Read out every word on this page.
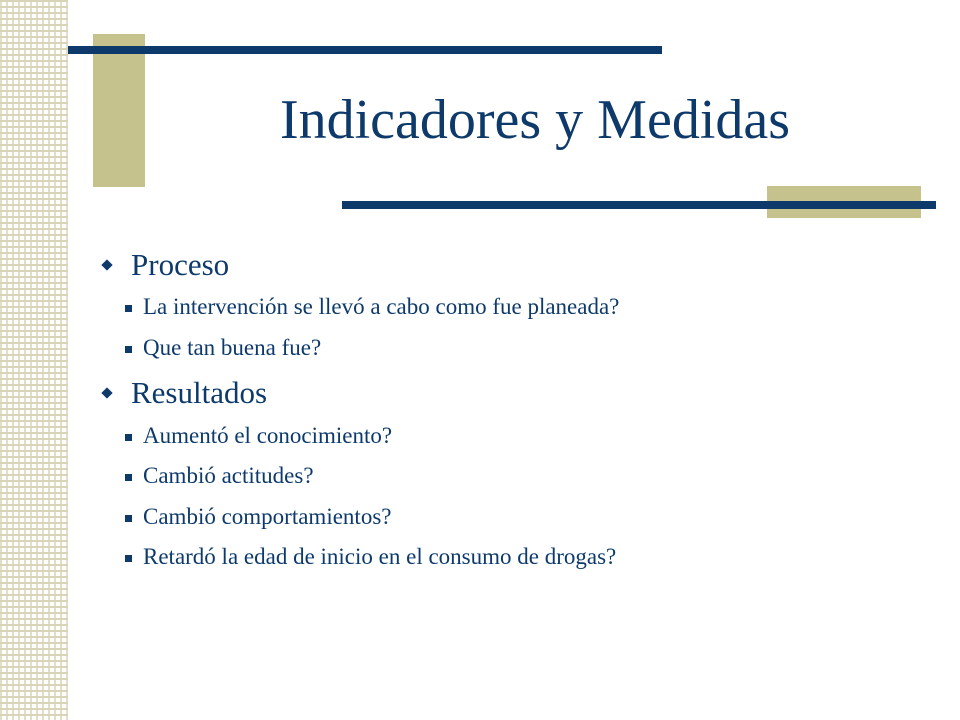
Indicadores y Medidas
Proceso
La intervención se llevó a cabo como fue planeada?
Que tan buena fue?
Resultados
Aumentó el conocimiento?
Cambió actitudes?
Cambió comportamientos?
Retardó la edad de inicio en el consumo de drogas?
